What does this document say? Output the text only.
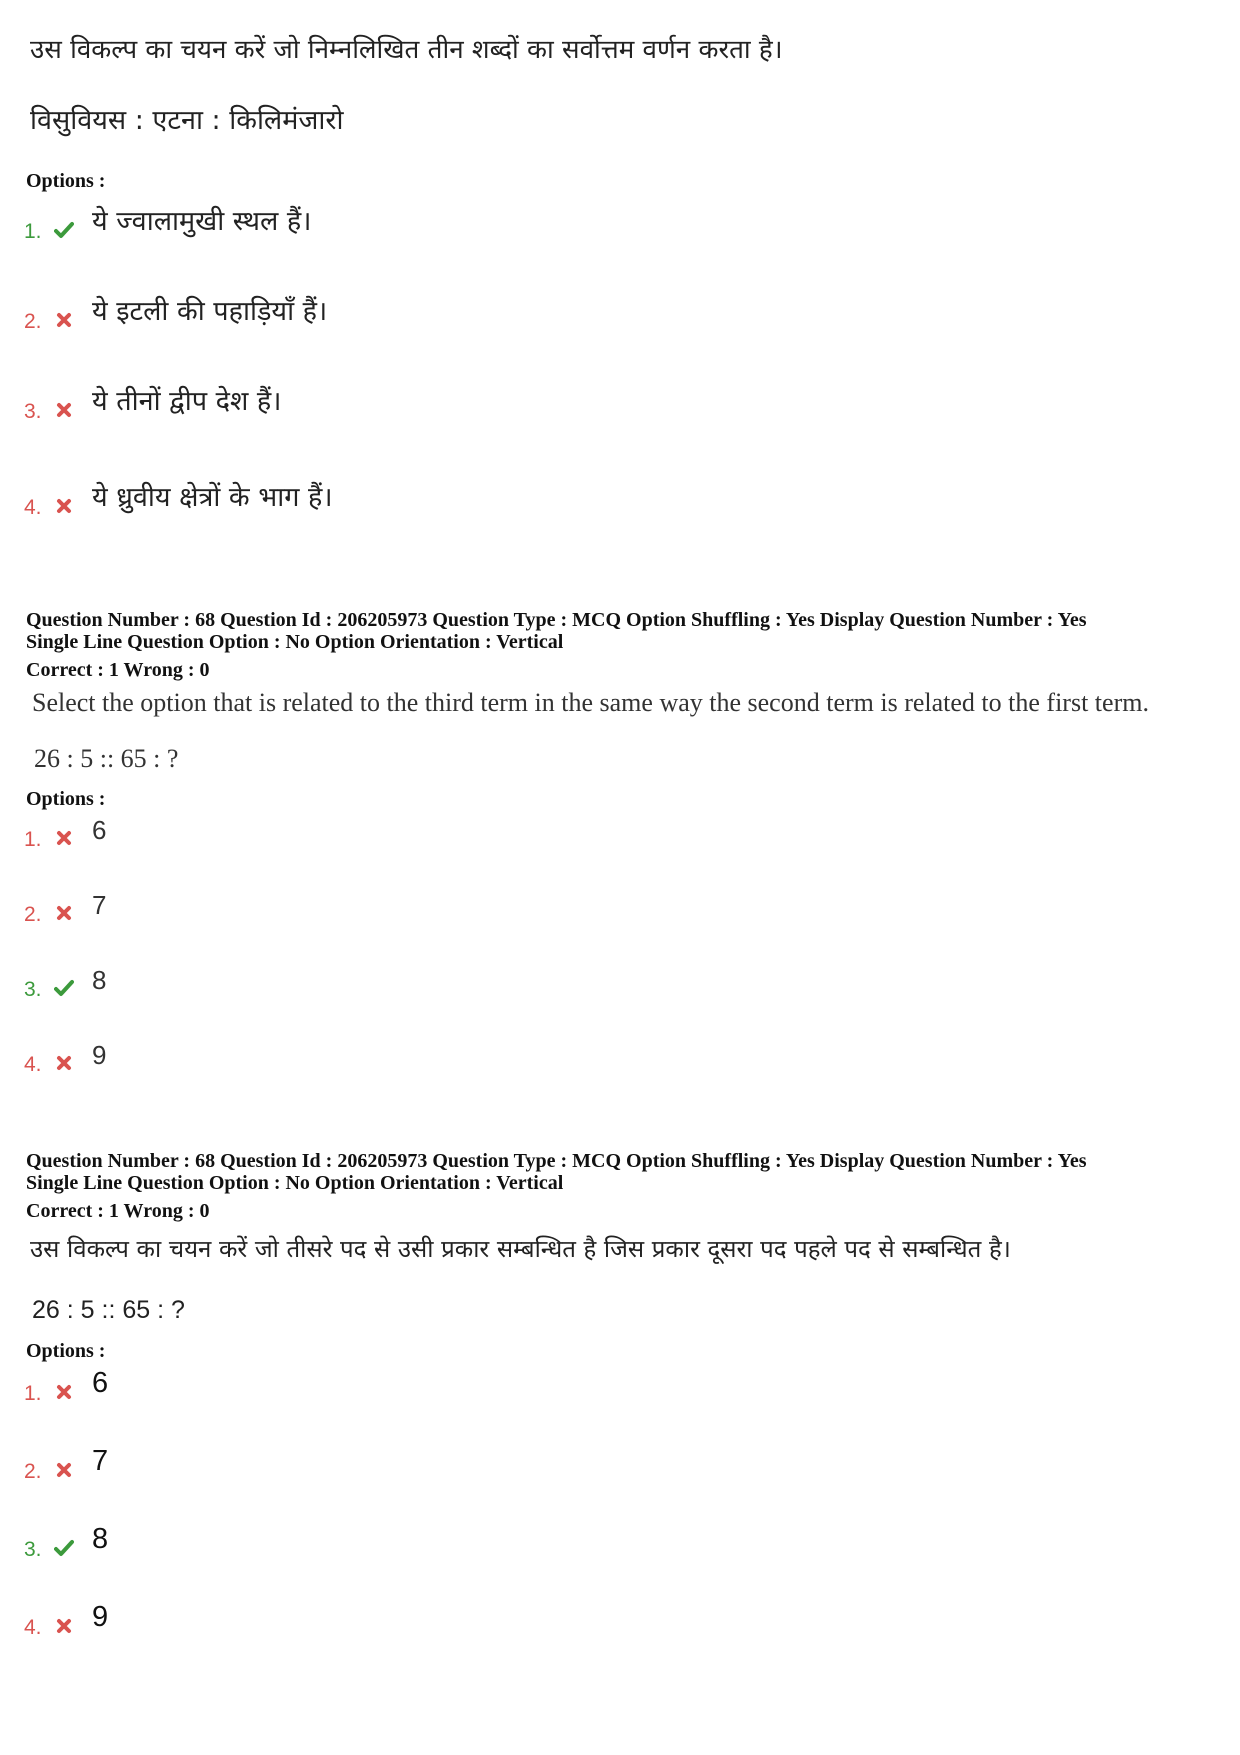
उस विकल्प का चयन करें जो निम्नलिखित तीन शब्दों का सर्वोत्तम वर्णन करता है।
विसुवियस : एटना : किलिमंजारो
Options :
1. ये ज्वालामुखी स्थल हैं।
2. ये इटली की पहाड़ियाँ हैं।
3. ये तीनों द्वीप देश हैं।
4. ये ध्रुवीय क्षेत्रों के भाग हैं।
Question Number : 68 Question Id : 206205973 Question Type : MCQ Option Shuffling : Yes Display Question Number : Yes
Single Line Question Option : No Option Orientation : Vertical
Correct : 1 Wrong : 0
Select the option that is related to the third term in the same way the second term is related to the first term.
26 : 5 :: 65 : ?
Options :
1. 6
2. 7
3. 8
4. 9
Question Number : 68 Question Id : 206205973 Question Type : MCQ Option Shuffling : Yes Display Question Number : Yes
Single Line Question Option : No Option Orientation : Vertical
Correct : 1 Wrong : 0
उस विकल्प का चयन करें जो तीसरे पद से उसी प्रकार सम्बन्धित है जिस प्रकार दूसरा पद पहले पद से सम्बन्धित है।
26 : 5 :: 65 : ?
Options :
1. 6
2. 7
3. 8
4. 9
